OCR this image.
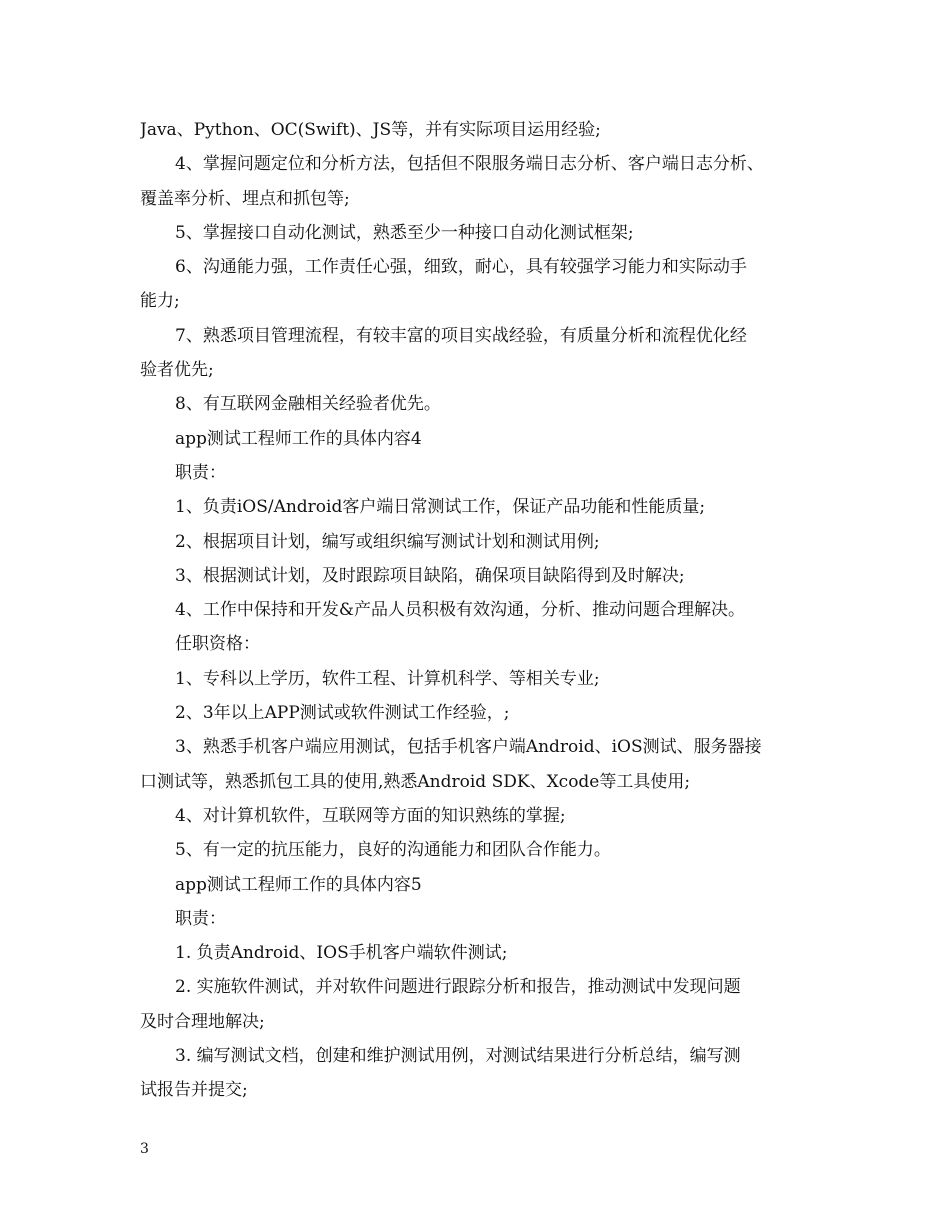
Java、Python、OC(Swift)、JS等，并有实际项目运用经验;
4、掌握问题定位和分析方法，包括但不限服务端日志分析、客户端日志分析、
覆盖率分析、埋点和抓包等;
5、掌握接口自动化测试，熟悉至少一种接口自动化测试框架;
6、沟通能力强，工作责任心强，细致，耐心，具有较强学习能力和实际动手
能力;
7、熟悉项目管理流程，有较丰富的项目实战经验，有质量分析和流程优化经
验者优先;
8、有互联网金融相关经验者优先。
app测试工程师工作的具体内容4
职责：
1、负责iOS/Android客户端日常测试工作，保证产品功能和性能质量;
2、根据项目计划，编写或组织编写测试计划和测试用例;
3、根据测试计划，及时跟踪项目缺陷，确保项目缺陷得到及时解决;
4、工作中保持和开发&产品人员积极有效沟通，分析、推动问题合理解决。
任职资格：
1、专科以上学历，软件工程、计算机科学、等相关专业;
2、3年以上APP测试或软件测试工作经验，;
3、熟悉手机客户端应用测试，包括手机客户端Android、iOS测试、服务器接
口测试等，熟悉抓包工具的使用,熟悉Android SDK、Xcode等工具使用;
4、对计算机软件，互联网等方面的知识熟练的掌握;
5、有一定的抗压能力，良好的沟通能力和团队合作能力。
app测试工程师工作的具体内容5
职责：
1. 负责Android、IOS手机客户端软件测试;
2. 实施软件测试，并对软件问题进行跟踪分析和报告，推动测试中发现问题
及时合理地解决;
3. 编写测试文档，创建和维护测试用例，对测试结果进行分析总结，编写测
试报告并提交;
3
